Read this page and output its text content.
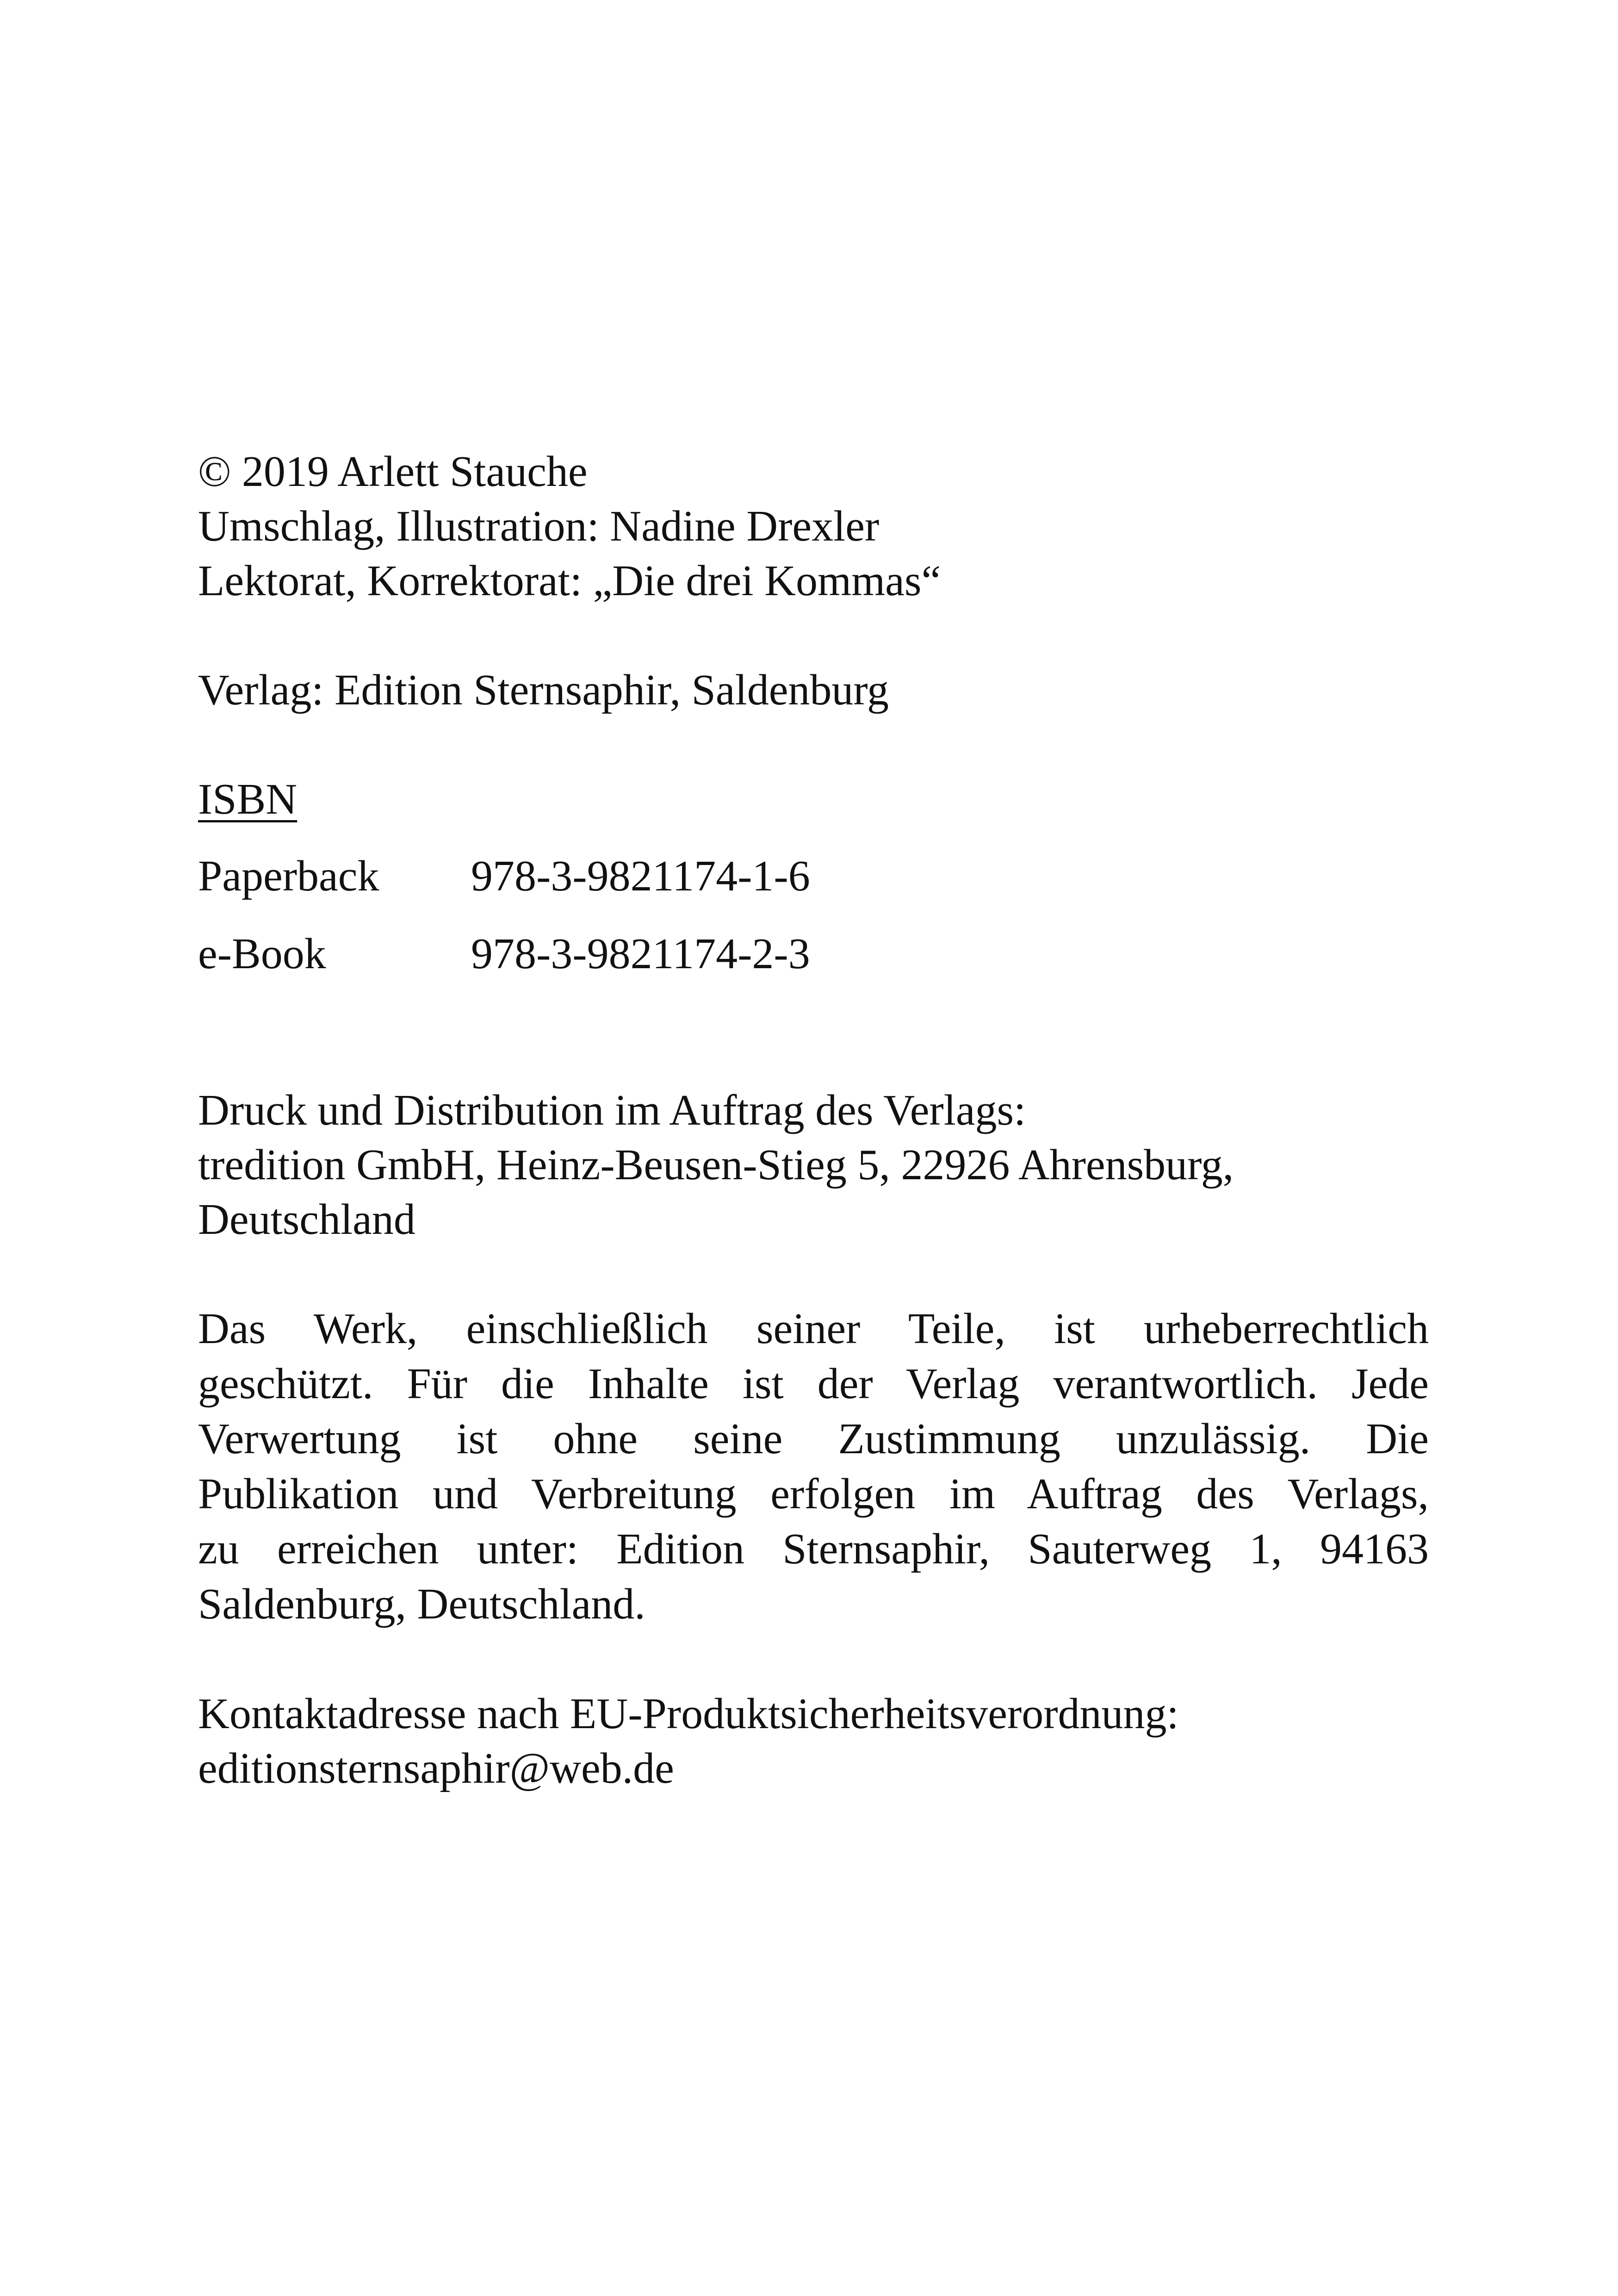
© 2019 Arlett Stauche
Umschlag, Illustration: Nadine Drexler
Lektorat, Korrektorat: „Die drei Kommas“
Verlag: Edition Sternsaphir, Saldenburg
ISBN
Paperback	978-3-9821174-1-6
e-Book	978-3-9821174-2-3
Druck und Distribution im Auftrag des Verlags:
tredition GmbH, Heinz-Beusen-Stieg 5, 22926 Ahrensburg,
Deutschland
Das Werk, einschließlich seiner Teile, ist urheberrechtlich
geschützt. Für die Inhalte ist der Verlag verantwortlich. Jede
Verwertung ist ohne seine Zustimmung unzulässig. Die
Publikation und Verbreitung erfolgen im Auftrag des Verlags,
zu erreichen unter: Edition Sternsaphir, Sauterweg 1, 94163
Saldenburg, Deutschland.
Kontaktadresse nach EU-Produktsicherheitsverordnung:
editionsternsaphir@web.de
